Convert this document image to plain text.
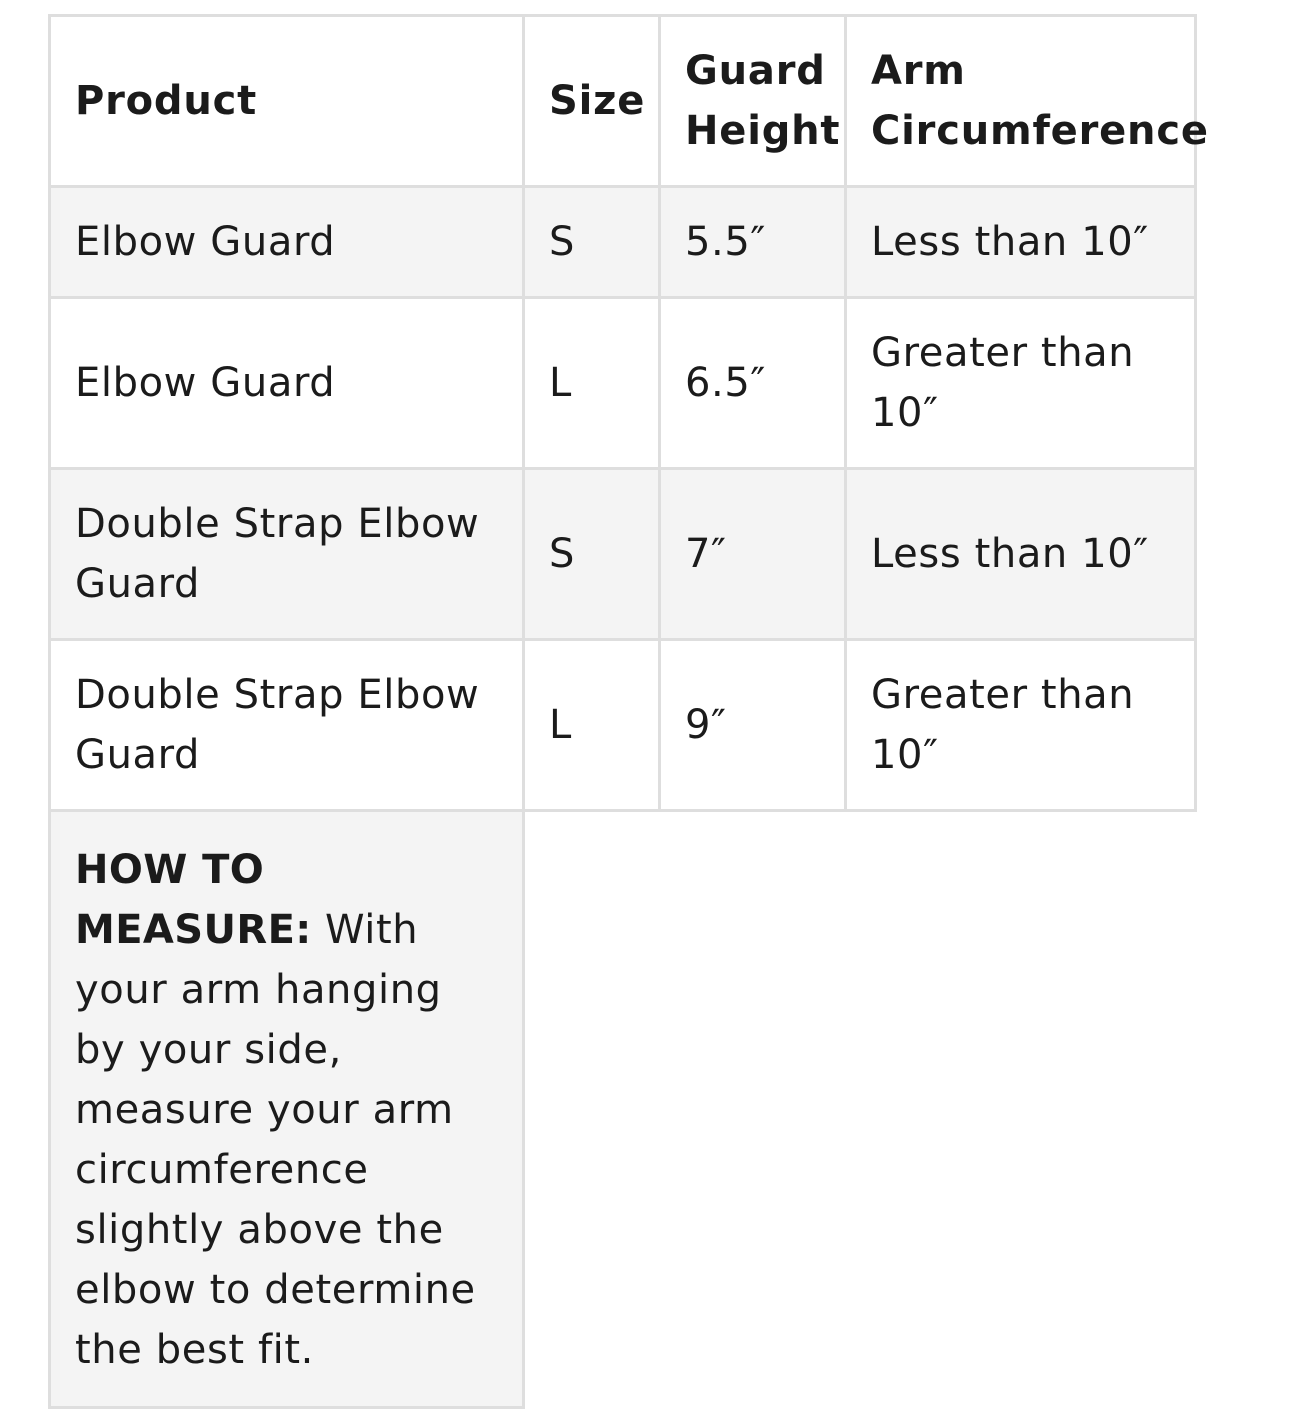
Product	Size	Guard Height	Arm Circumference
Elbow Guard	S	5.5″	Less than 10″
Elbow Guard	L	6.5″	Greater than 10″
Double Strap Elbow Guard	S	7″	Less than 10″
Double Strap Elbow Guard	L	9″	Greater than 10″
HOW TO MEASURE: With your arm hanging by your side, measure your arm circumference slightly above the elbow to determine the best fit.			
